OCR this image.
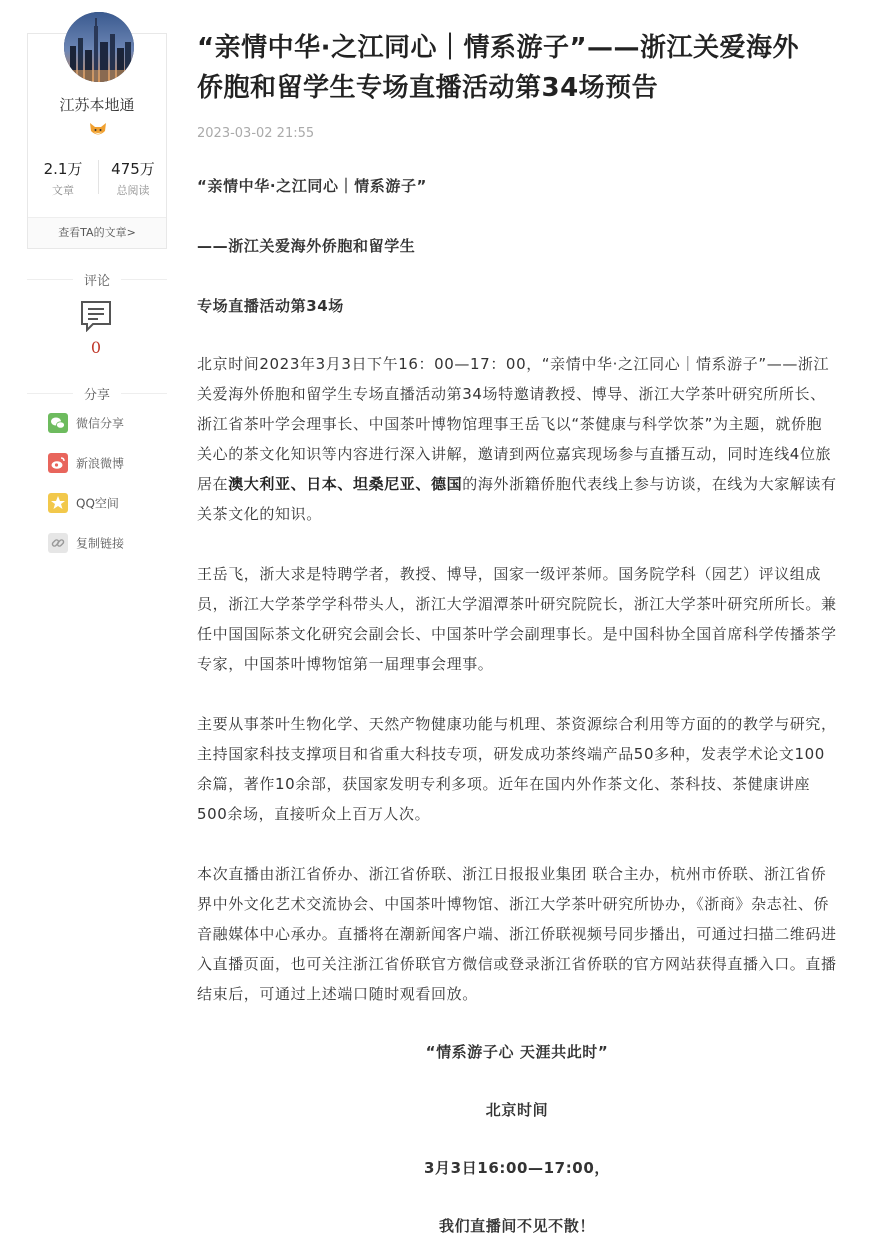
江苏本地通
2.1万
文章
475万
总阅读
查看TA的文章>
评论
0
分享
微信分享
新浪微博
QQ空间
复制链接
“亲情中华·之江同心｜情系游子”——浙江关爱海外
侨胞和留学生专场直播活动第34场预告
2023-03-02 21:55

“亲情中华·之江同心｜情系游子”

——浙江关爱海外侨胞和留学生

专场直播活动第34场

北京时间2023年3月3日下午16：00—17：00，“亲情中华·之江同心｜情系游子”——浙江关爱海外侨胞和留学生专场直播活动第34场特邀请教授、博导、浙江大学茶叶研究所所长、浙江省茶叶学会理事长、中国茶叶博物馆理事王岳飞以“茶健康与科学饮茶”为主题，就侨胞关心的茶文化知识等内容进行深入讲解，邀请到两位嘉宾现场参与直播互动，同时连线4位旅居在澳大利亚、日本、坦桑尼亚、德国的海外浙籍侨胞代表线上参与访谈，在线为大家解读有关茶文化的知识。

王岳飞，浙大求是特聘学者，教授、博导，国家一级评茶师。国务院学科（园艺）评议组成员，浙江大学茶学学科带头人，浙江大学湄潭茶叶研究院院长，浙江大学茶叶研究所所长。兼任中国国际茶文化研究会副会长、中国茶叶学会副理事长。是中国科协全国首席科学传播茶学专家，中国茶叶博物馆第一届理事会理事。

主要从事茶叶生物化学、天然产物健康功能与机理、茶资源综合利用等方面的的教学与研究，主持国家科技支撑项目和省重大科技专项，研发成功茶终端产品50多种，发表学术论文100余篇，著作10余部，获国家发明专利多项。近年在国内外作茶文化、茶科技、茶健康讲座500余场，直接听众上百万人次。

本次直播由浙江省侨办、浙江省侨联、浙江日报报业集团 联合主办，杭州市侨联、浙江省侨界中外文化艺术交流协会、中国茶叶博物馆、浙江大学茶叶研究所协办，《浙商》杂志社、侨音融媒体中心承办。直播将在潮新闻客户端、浙江侨联视频号同步播出，可通过扫描二维码进入直播页面，也可关注浙江省侨联官方微信或登录浙江省侨联的官方网站获得直播入口。直播结束后，可通过上述端口随时观看回放。

“情系游子心 天涯共此时”

北京时间

3月3日16:00—17:00，

我们直播间不见不散！
